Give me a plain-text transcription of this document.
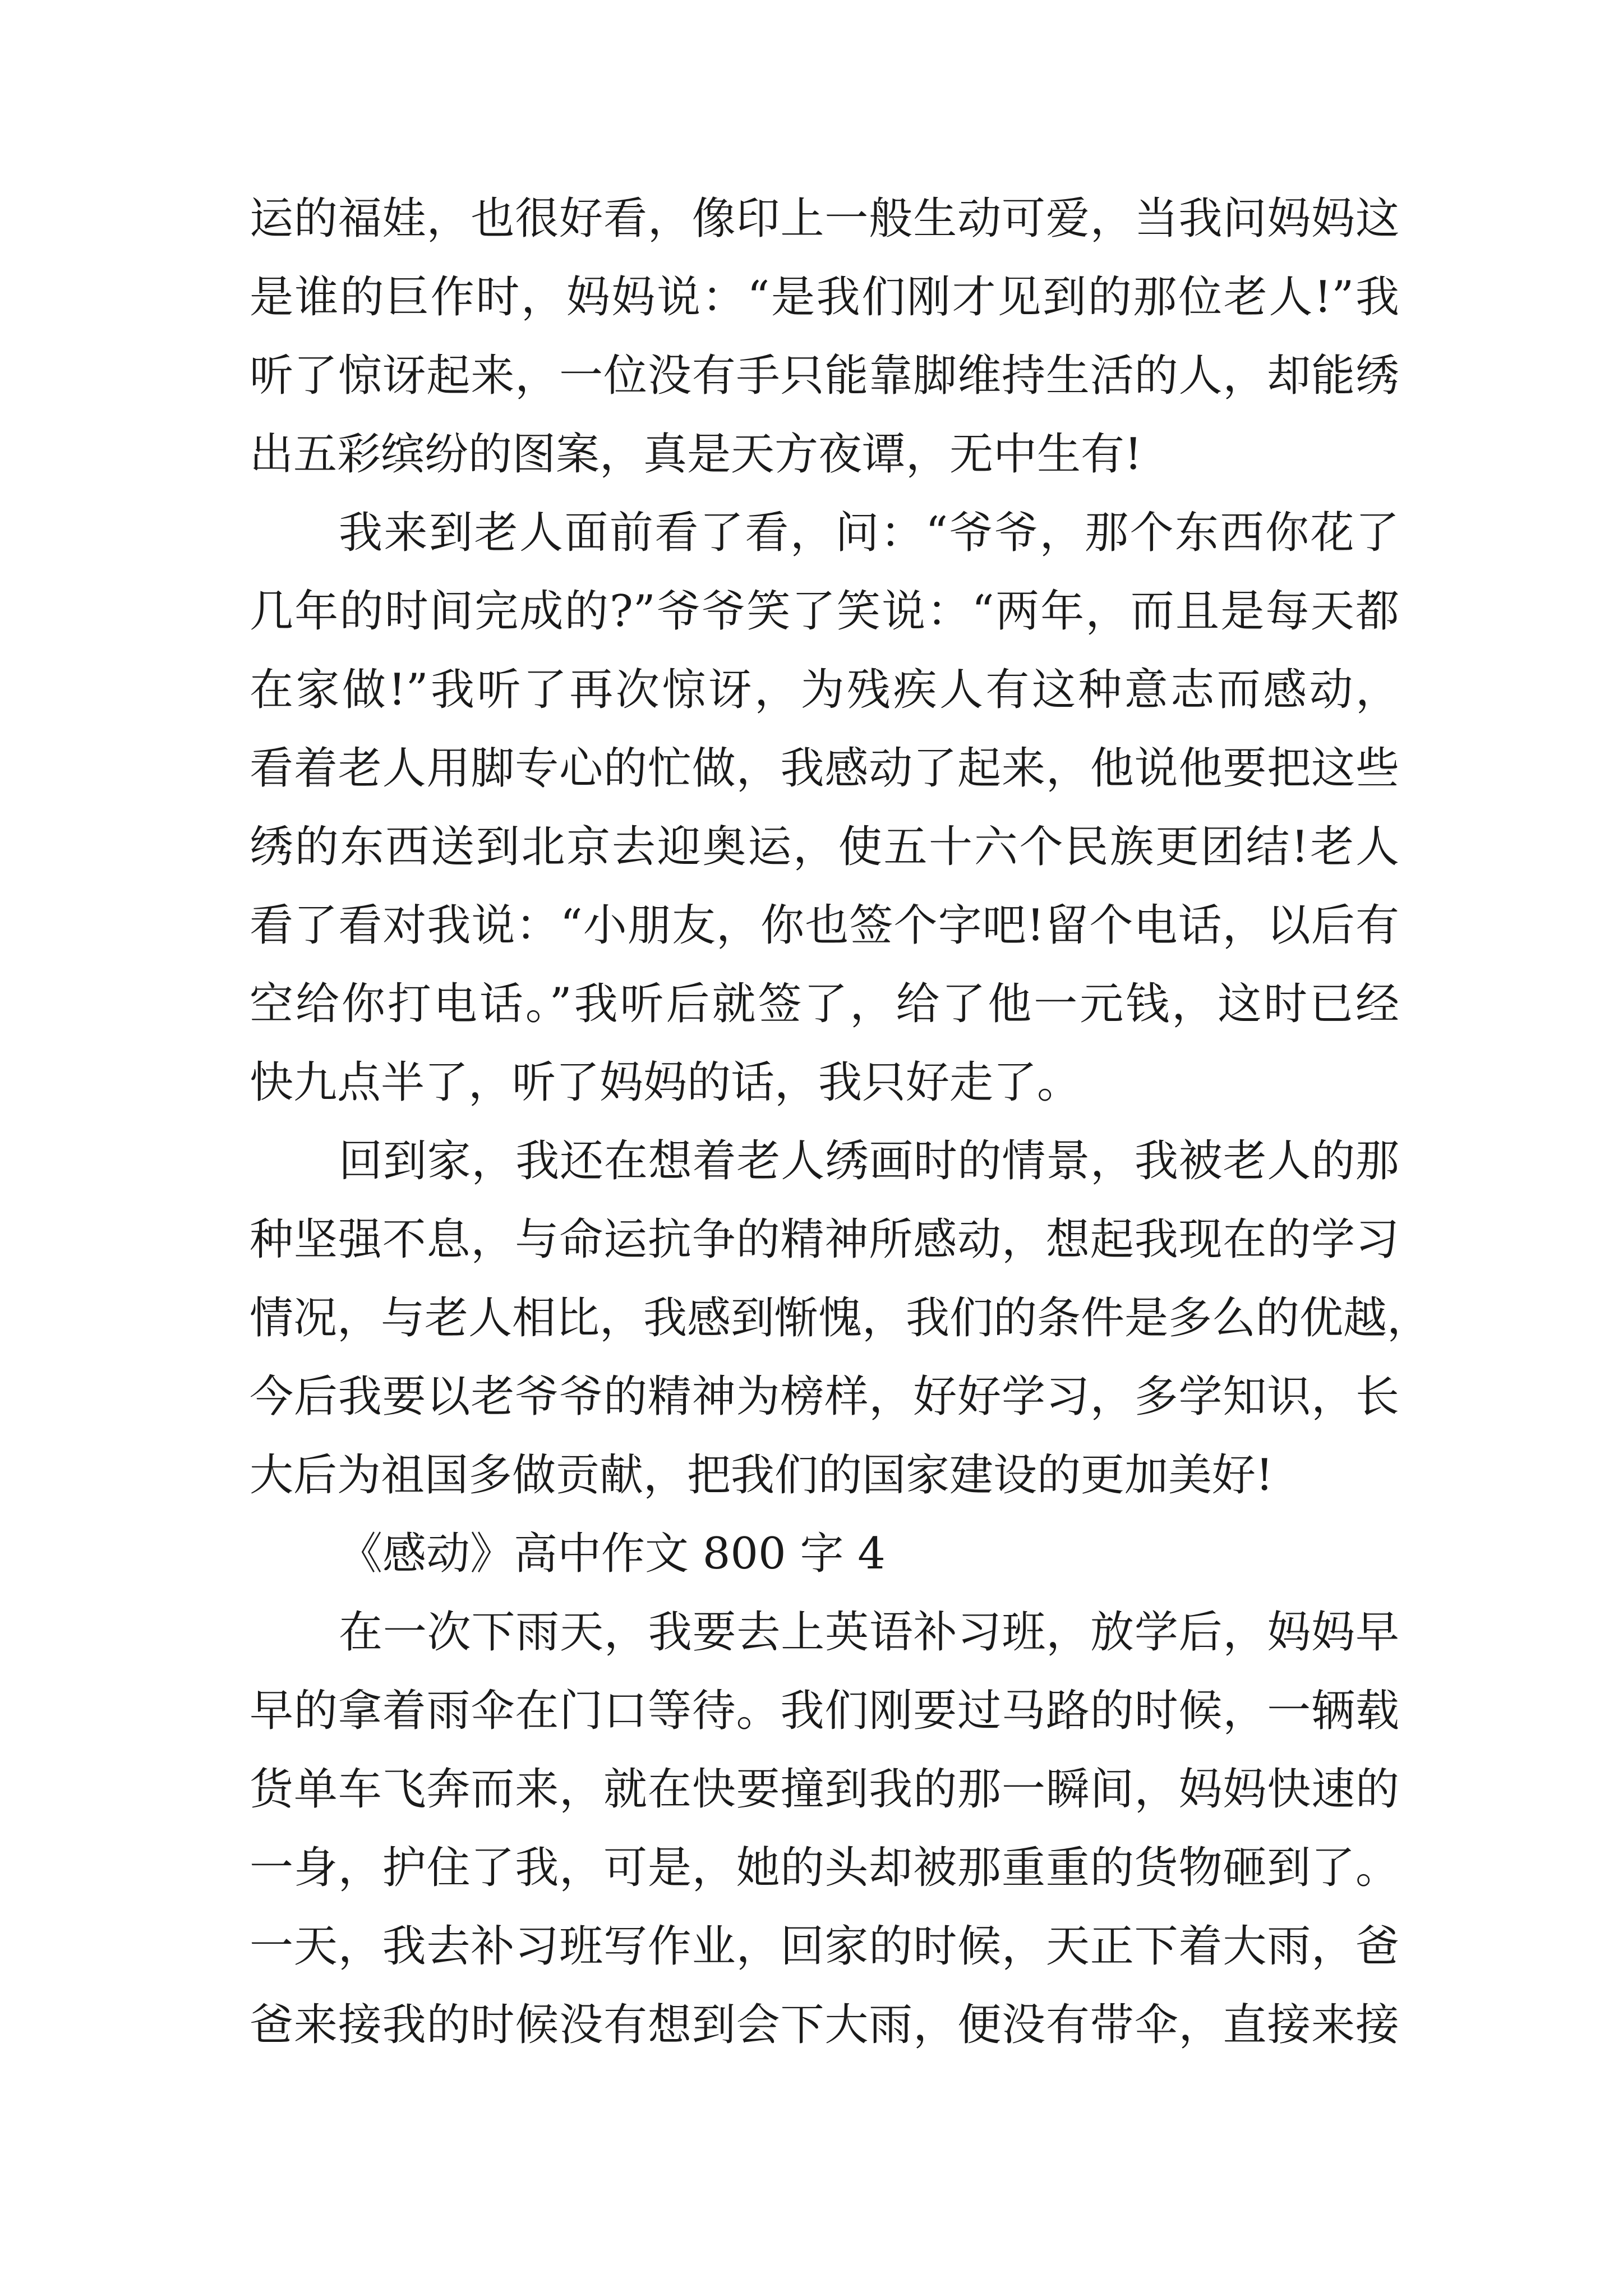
运的福娃，也很好看，像印上一般生动可爱，当我问妈妈这
是谁的巨作时，妈妈说：“是我们刚才见到的那位老人!”我
听了惊讶起来，一位没有手只能靠脚维持生活的人，却能绣
出五彩缤纷的图案，真是天方夜谭，无中生有!
我来到老人面前看了看，问：“爷爷，那个东西你花了
几年的时间完成的?”爷爷笑了笑说：“两年，而且是每天都
在家做!”我听了再次惊讶，为残疾人有这种意志而感动，
看着老人用脚专心的忙做，我感动了起来，他说他要把这些
绣的东西送到北京去迎奥运，使五十六个民族更团结!老人
看了看对我说：“小朋友，你也签个字吧!留个电话，以后有
空给你打电话。”我听后就签了，给了他一元钱，这时已经
快九点半了，听了妈妈的话，我只好走了。
回到家，我还在想着老人绣画时的情景，我被老人的那
种坚强不息，与命运抗争的精神所感动，想起我现在的学习
情况，与老人相比，我感到惭愧，我们的条件是多么的优越，
今后我要以老爷爷的精神为榜样，好好学习，多学知识，长
大后为祖国多做贡献，把我们的国家建设的更加美好!
《感动》高中作文 800 字 4
在一次下雨天，我要去上英语补习班，放学后，妈妈早
早的拿着雨伞在门口等待。我们刚要过马路的时候，一辆载
货单车飞奔而来，就在快要撞到我的那一瞬间，妈妈快速的
一身，护住了我，可是，她的头却被那重重的货物砸到了。
一天，我去补习班写作业，回家的时候，天正下着大雨，爸
爸来接我的时候没有想到会下大雨，便没有带伞，直接来接
